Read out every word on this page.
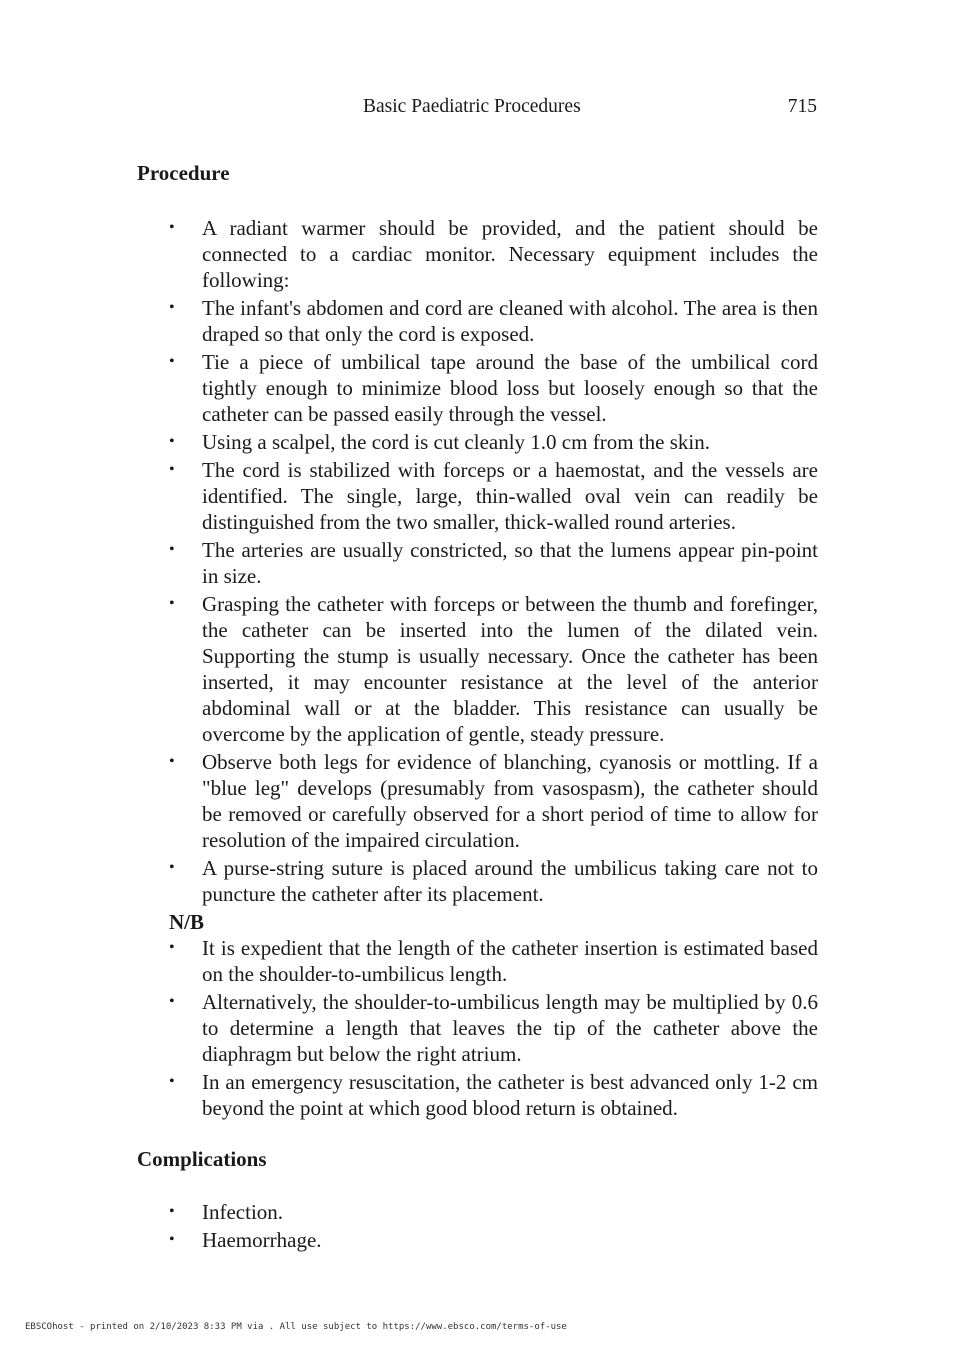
Basic Paediatric Procedures	715
Procedure
•	A radiant warmer should be provided, and the patient should be connected to a cardiac monitor. Necessary equipment includes the following:
•	The infant's abdomen and cord are cleaned with alcohol. The area is then draped so that only the cord is exposed.
•	Tie a piece of umbilical tape around the base of the umbilical cord tightly enough to minimize blood loss but loosely enough so that the catheter can be passed easily through the vessel.
•	Using a scalpel, the cord is cut cleanly 1.0 cm from the skin.
•	The cord is stabilized with forceps or a haemostat, and the vessels are identified. The single, large, thin-walled oval vein can readily be distinguished from the two smaller, thick-walled round arteries.
•	The arteries are usually constricted, so that the lumens appear pin-point in size.
•	Grasping the catheter with forceps or between the thumb and forefinger, the catheter can be inserted into the lumen of the dilated vein. Supporting the stump is usually necessary. Once the catheter has been inserted, it may encounter resistance at the level of the anterior abdominal wall or at the bladder. This resistance can usually be overcome by the application of gentle, steady pressure.
•	Observe both legs for evidence of blanching, cyanosis or mottling. If a "blue leg" develops (presumably from vasospasm), the catheter should be removed or carefully observed for a short period of time to allow for resolution of the impaired circulation.
•	A purse-string suture is placed around the umbilicus taking care not to puncture the catheter after its placement.
N/B
•	It is expedient that the length of the catheter insertion is estimated based on the shoulder-to-umbilicus length.
•	Alternatively, the shoulder-to-umbilicus length may be multiplied by 0.6 to determine a length that leaves the tip of the catheter above the diaphragm but below the right atrium.
•	In an emergency resuscitation, the catheter is best advanced only 1-2 cm beyond the point at which good blood return is obtained.
Complications
•	Infection.
•	Haemorrhage.
EBSCOhost - printed on 2/10/2023 8:33 PM via . All use subject to https://www.ebsco.com/terms-of-use
